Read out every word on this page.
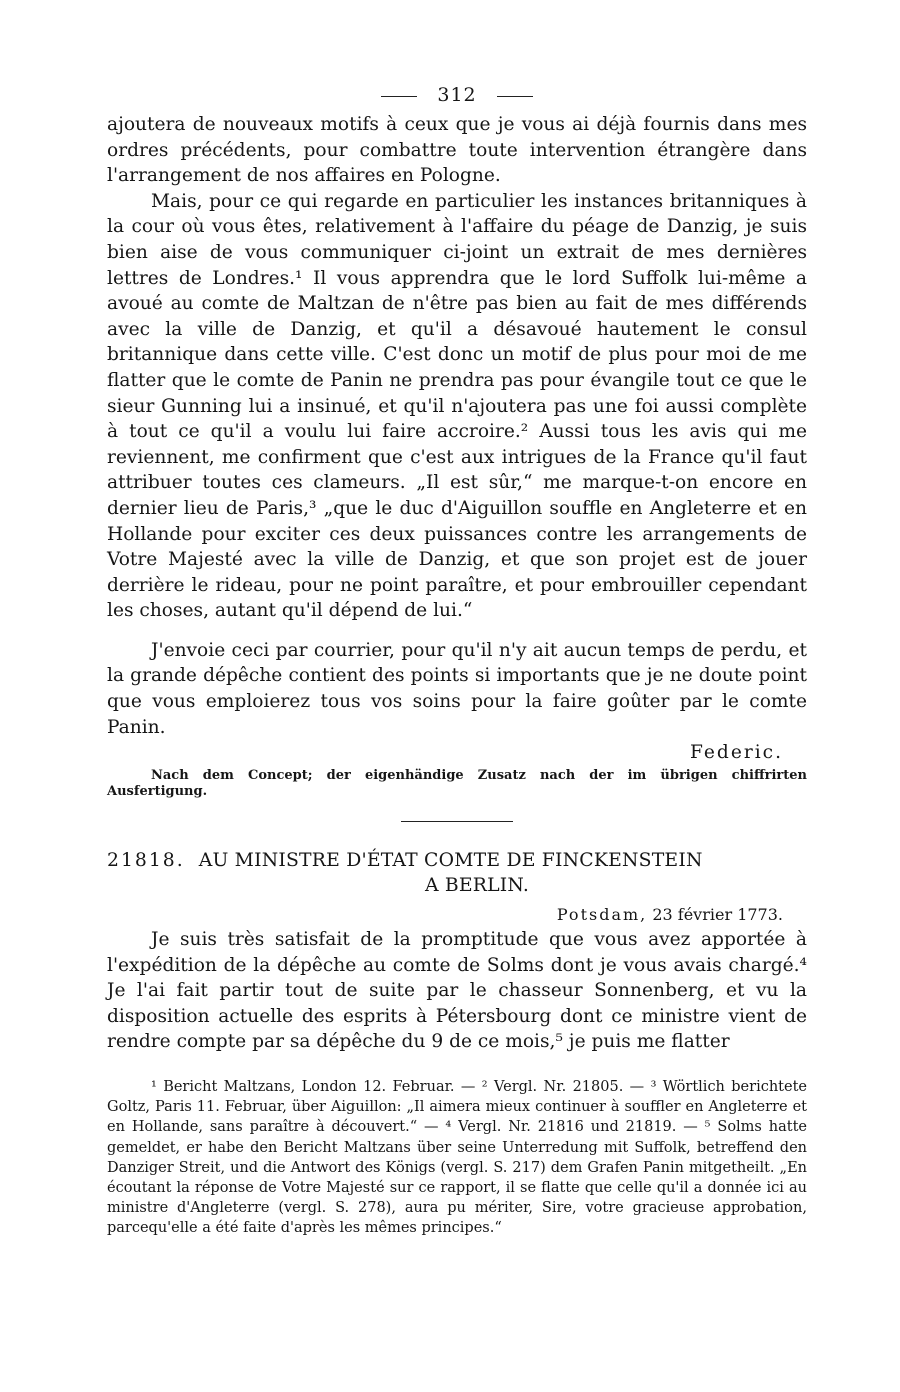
312
ajoutera de nouveaux motifs à ceux que je vous ai déjà fournis dans mes ordres précédents, pour combattre toute intervention étrangère dans l'arrangement de nos affaires en Pologne.
Mais, pour ce qui regarde en particulier les instances britanniques à la cour où vous êtes, relativement à l'affaire du péage de Danzig, je suis bien aise de vous communiquer ci-joint un extrait de mes dernières lettres de Londres.¹ Il vous apprendra que le lord Suffolk lui-même a avoué au comte de Maltzan de n'être pas bien au fait de mes différends avec la ville de Danzig, et qu'il a désavoué hautement le consul britannique dans cette ville. C'est donc un motif de plus pour moi de me flatter que le comte de Panin ne prendra pas pour évangile tout ce que le sieur Gunning lui a insinué, et qu'il n'ajoutera pas une foi aussi complète à tout ce qu'il a voulu lui faire accroire.² Aussi tous les avis qui me reviennent, me confirment que c'est aux intrigues de la France qu'il faut attribuer toutes ces clameurs. „Il est sûr,“ me marque-t-on encore en dernier lieu de Paris,³ „que le duc d'Aiguillon souffle en Angleterre et en Hollande pour exciter ces deux puissances contre les arrangements de Votre Majesté avec la ville de Danzig, et que son projet est de jouer derrière le rideau, pour ne point paraître, et pour embrouiller cependant les choses, autant qu'il dépend de lui.“
J'envoie ceci par courrier, pour qu'il n'y ait aucun temps de perdu, et la grande dépêche contient des points si importants que je ne doute point que vous emploierez tous vos soins pour la faire goûter par le comte Panin.
Federic.
Nach dem Concept; der eigenhändige Zusatz nach der im übrigen chiffrirten Ausfertigung.
21818. AU MINISTRE D'ÉTAT COMTE DE FINCKENSTEIN
A BERLIN.
Potsdam, 23 février 1773.
Je suis très satisfait de la promptitude que vous avez apportée à l'expédition de la dépêche au comte de Solms dont je vous avais chargé.⁴ Je l'ai fait partir tout de suite par le chasseur Sonnenberg, et vu la disposition actuelle des esprits à Pétersbourg dont ce ministre vient de rendre compte par sa dépêche du 9 de ce mois,⁵ je puis me flatter
¹ Bericht Maltzans, London 12. Februar. — ² Vergl. Nr. 21805. — ³ Wörtlich berichtete Goltz, Paris 11. Februar, über Aiguillon: „Il aimera mieux continuer à souffler en Angleterre et en Hollande, sans paraître à découvert.“ — ⁴ Vergl. Nr. 21816 und 21819. — ⁵ Solms hatte gemeldet, er habe den Bericht Maltzans über seine Unterredung mit Suffolk, betreffend den Danziger Streit, und die Antwort des Königs (vergl. S. 217) dem Grafen Panin mitgetheilt. „En écoutant la réponse de Votre Majesté sur ce rapport, il se flatte que celle qu'il a donnée ici au ministre d'Angleterre (vergl. S. 278), aura pu mériter, Sire, votre gracieuse approbation, parcequ'elle a été faite d'après les mêmes principes.“
